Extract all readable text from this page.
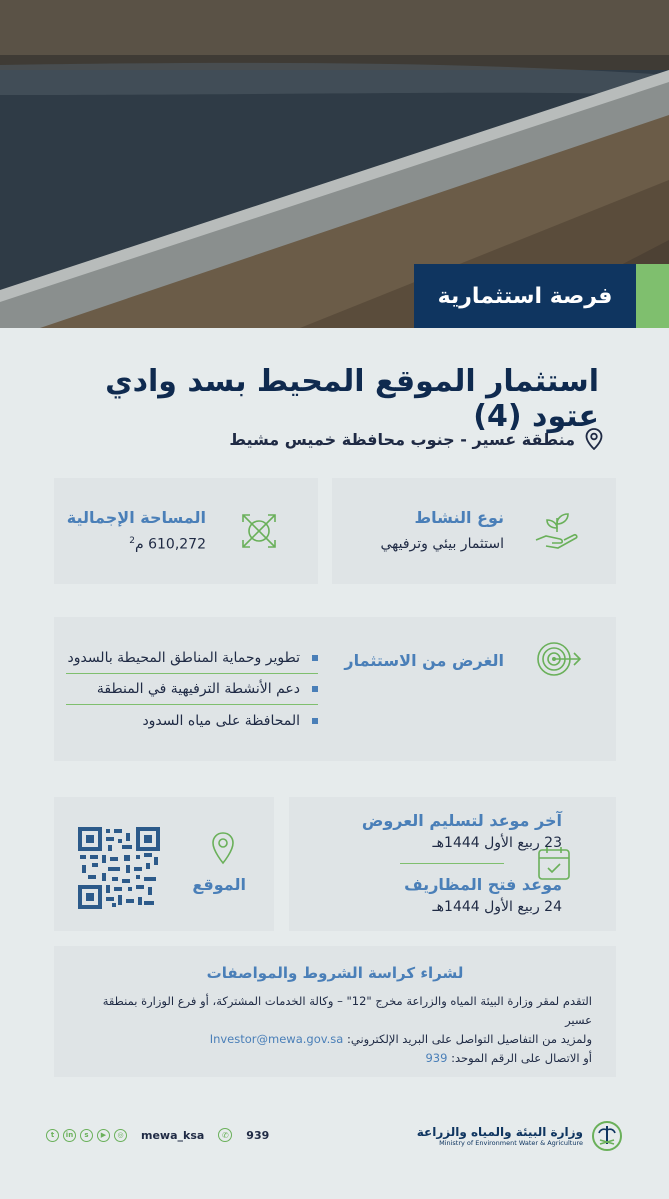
فرصة استثمارية
استثمار الموقع المحيط بسد وادي عتود (4)
منطقة عسير - جنوب محافظة خميس مشيط
نوع النشاط
استثمار بيئي وترفيهي
المساحة الإجمالية
610,272 م$^2$
الغرض من الاستثمار
تطوير وحماية المناطق المحيطة بالسدود
دعم الأنشطة الترفيهية في المنطقة
المحافظة على مياه السدود
آخر موعد لتسليم العروض
23 ربيع الأول 1444هـ
موعد فتح المظاريف
24 ربيع الأول 1444هـ
الموقع
لشراء كراسة الشروط والمواصفات
التقدم لمقر وزارة البيئة المياه والزراعة مخرج "12" – وكالة الخدمات المشتركة، أو فرع الوزارة بمنطقة عسير
ولمزيد من التفاصيل التواصل على البريد الإلكتروني: Investor@mewa.gov.sa
أو الاتصال على الرقم الموحد: 939
وزارة البيئة والمياه والزراعة
Ministry of Environment Water & Agriculture
t	in	s	▶	◎	mewa_ksa	✆	939
